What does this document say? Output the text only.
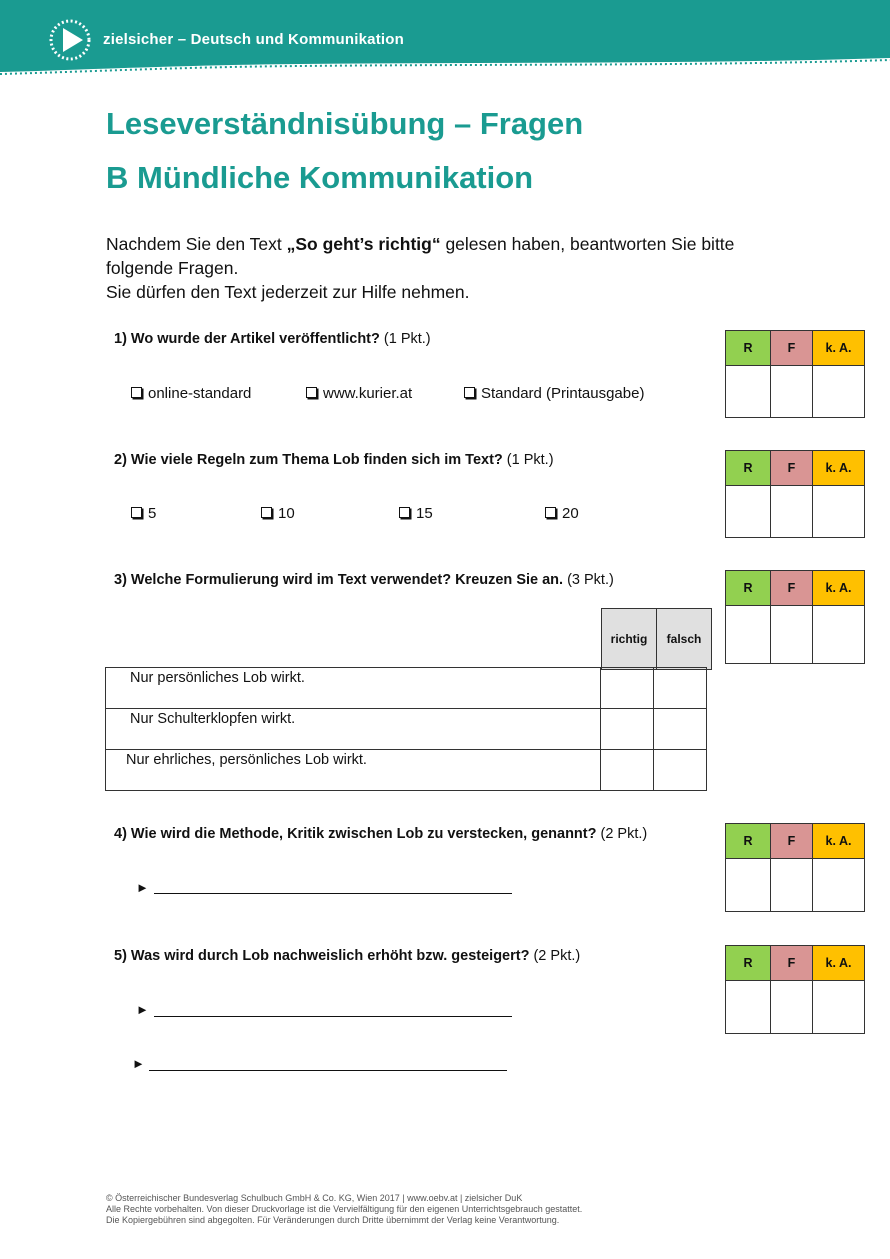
zielsicher – Deutsch und Kommunikation
Leseverständnisübung – Fragen
B Mündliche Kommunikation
Nachdem Sie den Text „So geht’s richtig“ gelesen haben, beantworten Sie bitte folgende Fragen.
Sie dürfen den Text jederzeit zur Hilfe nehmen.
1) Wo wurde der Artikel veröffentlicht? (1 Pkt.)
online-standard	www.kurier.at	Standard (Printausgabe)
R	F	k. A.

2) Wie viele Regeln zum Thema Lob finden sich im Text? (1 Pkt.)
5	10	15	20
R	F	k. A.

3) Welche Formulierung wird im Text verwendet? Kreuzen Sie an. (3 Pkt.)
richtig	falsch
Nur persönliches Lob wirkt.		

Nur Schulterklopfen wirkt.		

Nur ehrliches, persönliches Lob wirkt.		

R	F	k. A.

4) Wie wird die Methode, Kritik zwischen Lob zu verstecken, genannt? (2 Pkt.)
►
R	F	k. A.

5) Was wird durch Lob nachweislich erhöht bzw. gesteigert? (2 Pkt.)
►
►
R	F	k. A.

© Österreichischer Bundesverlag Schulbuch GmbH & Co. KG, Wien 2017 | www.oebv.at | zielsicher DuK
Alle Rechte vorbehalten. Von dieser Druckvorlage ist die Vervielfältigung für den eigenen Unterrichtsgebrauch gestattet.
Die Kopiergebühren sind abgegolten. Für Veränderungen durch Dritte übernimmt der Verlag keine Verantwortung.
